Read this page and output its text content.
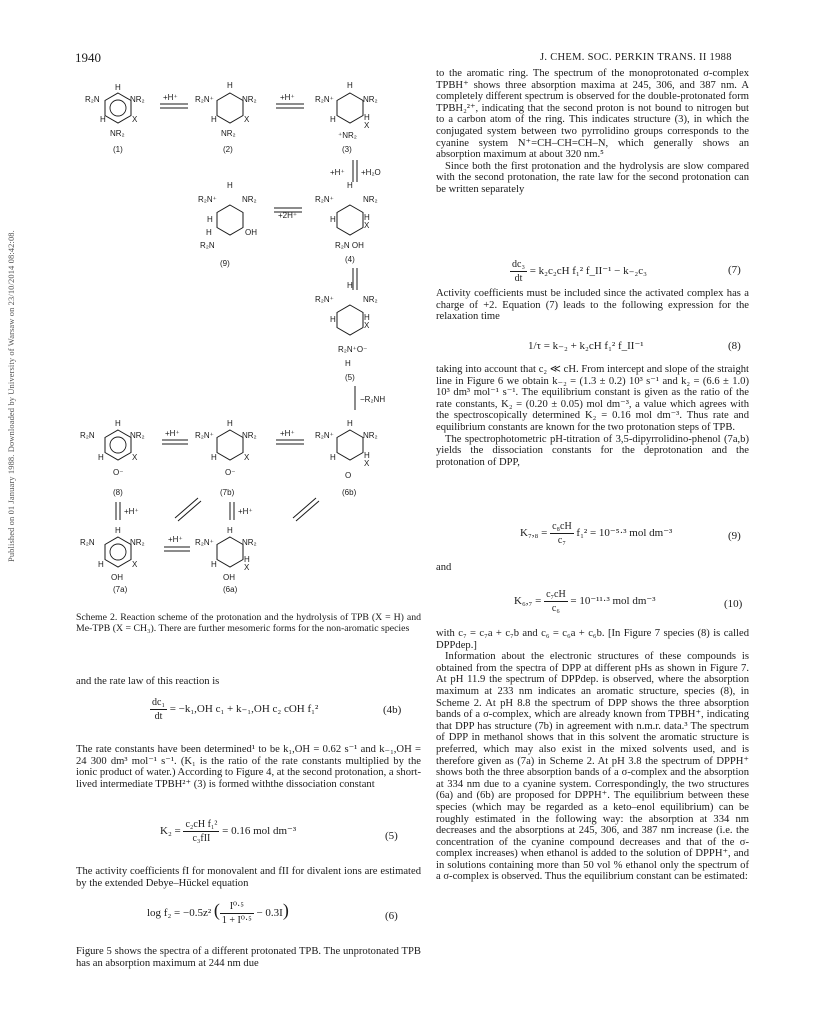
Published on 01 January 1988. Downloaded by University of Warsaw on 23/10/2014 08:42:08.
1940	J. CHEM. SOC. PERKIN TRANS. II 1988
R₂N	NR₂
H
H	X
NR₂
(1)
+H⁺ R₂N⁺	NR₂
H
H	X
NR₂
(2)
+H⁺	R₂N⁺	NR₂
H
H	H
X
⁺NR₂
(3)
+H⁺ +H₂O
R₂N⁺	NR₂
H
H
H
R₂N
OH
(9)
+2H⁺
R₂N⁺	NR₂
H
H	H
X
R₂N OH
(4)
R₂N⁺	NR₂
H
H	H
X
R₂N⁺O⁻
H
(5)
−R₂NH
R₂N	NR₂
H
H	X
O⁻
(8)
+H⁺ R₂N⁺	NR₂
H
H	X
O⁻
(7b)
+H⁺	R₂N⁺	NR₂
H
H	H
X
O
(6b)
+H⁺	+H⁺
R₂N	NR₂
H
H	X
OH
(7a)
+H⁺ R₂N⁺	NR₂
H
H
H
X
OH
(6a)
Scheme 2. Reaction scheme of the protonation and the hydrolysis of TPB (X = H) and Me-TPB (X = CH₃). There are further mesomeric forms for the non-aromatic species

and the rate law of this reaction is

$\frac{\text{dc₁}}{dt} = -k_1,OH$ c₁ + k₋₁,OH c₂ cOH f₁²	(4b)

The rate constants have been determined¹ to be k₁,OH = 0.62 s⁻¹ and k₋₁,OH = 24 300 dm³ mol⁻¹ s⁻¹. (K₁ is the ratio of the rate constants multiplied by the ionic product of water.) According to Figure 4, at the second protonation, a short-lived intermediate TPBH²⁺ (3) is formed withthe dissociation constant

$K_2 = \frac{\text{c₂cH f₁²}}{\text{c₃fII}} = 0.16$ mol dm⁻³	(5)

The activity coefficients fI for monovalent and fII for divalent ions are estimated by the extended Debye–Hückel equation

log f₂ = −0.5z² ( $\frac{\text{I⁰·⁵}}{\text{1 + I⁰·⁵}} - 0.3I$)	(6)

Figure 5 shows the spectra of a different protonated TPB. The unprotonated TPB has an absorption maximum at 244 nm due

to the aromatic ring. The spectrum of the monoprotonated σ-complex TPBH⁺ shows three absorption maxima at 245, 306, and 387 nm. A completely different spectrum is observed for the double-protonated form TPBH₂²⁺, indicating that the second proton is not bound to nitrogen but to a carbon atom of the ring. This indicates structure (3), in which the conjugated system between two pyrrolidino groups corresponds to the cyanine system N⁺=CH–CH=CH–N, which generally shows an absorption maximum at about 320 nm.⁵

Since both the first protonation and the hydrolysis are slow compared with the second protonation, the rate law for the second protonation can be written separately

$\frac{\text{dc₃}}{dt} = k_2c_2cH$ f₁² f_II⁻¹ − k₋₂c₃	(7)

Activity coefficients must be included since the activated complex has a charge of +2. Equation (7) leads to the following expression for the relaxation time

1/τ = k₋₂ + k₂cH f₁² f_II⁻¹	(8)

taking into account that c₂ ≪ cH. From intercept and slope of the straight line in Figure 6 we obtain k₋₂ = (1.3 ± 0.2) 10³ s⁻¹ and k₂ = (6.6 ± 1.0) 10³ dm³ mol⁻¹ s⁻¹. The equilibrium constant is given as the ratio of the rate constants, K₂ = (0.20 ± 0.05) mol dm⁻³, a value which agrees with the spectroscopically determined K₂ = 0.16 mol dm⁻³. Thus rate and equilibrium constants are known for the two protonation steps of TPB.

The spectrophotometric pH-titration of 3,5-dipyrrolidino-phenol (7a,b) yields the dissociation constants for the deprotonation and the protonation of DPP,

$K_7,_8 = \frac{\text{c₈cH}}{\text{c₇}} f_1^2 = 10^{-5}\cdot^3$ mol dm⁻³	(9)

and

$K_6,_7 = \frac{\text{c₇cH}}{\text{c₆}} = 10^{-11}\cdot^3$ mol dm⁻³	(10)

with c₇ = c₇a + c₇b and c₆ = c₆a + c₆b. [In Figure 7 species (8) is called DPPdep.]

Information about the electronic structures of these compounds is obtained from the spectra of DPP at different pHs as shown in Figure 7. At pH 11.9 the spectrum of DPPdep. is observed, where the absorption maximum at 233 nm indicates an aromatic structure, species (8), in Scheme 2. At pH 8.8 the spectrum of DPP shows the three absorption bands of a σ-complex, which are already known from TPBH⁺, indicating that DPP has structure (7b) in agreement with n.m.r. data.³ The spectrum of DPP in methanol shows that in this solvent the aromatic structure is preferred, which may also exist in the mixed solvents used, and is therefore given as (7a) in Scheme 2. At pH 3.8 the spectrum of DPPH⁺ shows both the three absorption bands of a σ-complex and the absorption at 334 nm due to a cyanine system. Correspondingly, the two structures (6a) and (6b) are proposed for DPPH⁺. The equilibrium between these species (which may be regarded as a keto–enol equilibrium) can be roughly estimated in the following way: the absorption at 334 nm decreases and the absorptions at 245, 306, and 387 nm increase (i.e. the concentration of the cyanine compound decreases and that of the σ-complex increases) when ethanol is added to the solution of DPPH⁺, and in solutions containing more than 50 vol % ethanol only the spectrum of a σ-complex is observed. Thus the equilibrium constant can be estimated:
